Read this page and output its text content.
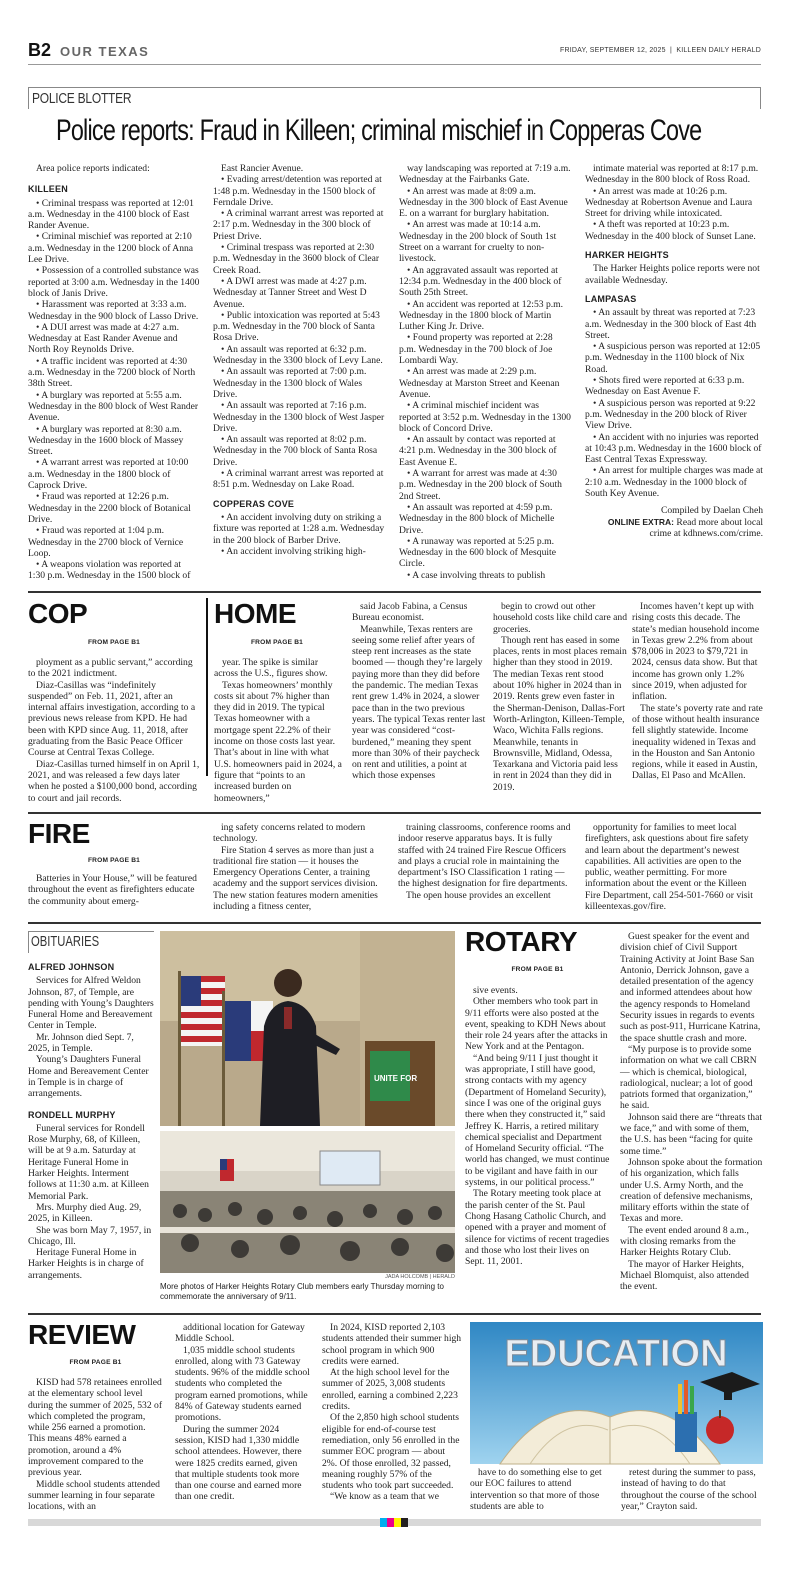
B2 OUR TEXAS	FRIDAY, SEPTEMBER 12, 2025  |  KILLEEN DAILY HERALD
POLICE BLOTTER
Police reports: Fraud in Killeen; criminal mischief in Copperas Cove

Area police reports indicated:

KILLEEN

• Criminal trespass was reported at 12:01 a.m. Wednesday in the 4100 block of East Rander Avenue.

• Criminal mischief was reported at 2:10 a.m. Wednesday in the 1200 block of Anna Lee Drive.

• Possession of a controlled substance was reported at 3:00 a.m. Wednesday in the 1400 block of Janis Drive.

• Harassment was reported at 3:33 a.m. Wednesday in the 900 block of Lasso Drive.

• A DUI arrest was made at 4:27 a.m. Wednesday at East Rander Avenue and North Roy Reynolds Drive.

• A traffic incident was reported at 4:30 a.m. Wednesday in the 7200 block of North 38th Street.

• A burglary was reported at 5:55 a.m. Wednesday in the 800 block of West Rander Avenue.

• A burglary was reported at 8:30 a.m. Wednesday in the 1600 block of Massey Street.

• A warrant arrest was reported at 10:00 a.m. Wednesday in the 1800 block of Caprock Drive.

• Fraud was reported at 12:26 p.m. Wednesday in the 2200 block of Botanical Drive.

• Fraud was reported at 1:04 p.m. Wednesday in the 2700 block of Vernice Loop.

• A weapons violation was reported at 1:30 p.m. Wednesday in the 1500 block of

East Rancier Avenue.

• Evading arrest/detention was reported at 1:48 p.m. Wednesday in the 1500 block of Ferndale Drive.

• A criminal warrant arrest was reported at 2:17 p.m. Wednesday in the 300 block of Priest Drive.

• Criminal trespass was reported at 2:30 p.m. Wednesday in the 3600 block of Clear Creek Road.

• A DWI arrest was made at 4:27 p.m. Wednesday at Tanner Street and West D Avenue.

• Public intoxication was reported at 5:43 p.m. Wednesday in the 700 block of Santa Rosa Drive.

• An assault was reported at 6:32 p.m. Wednesday in the 3300 block of Levy Lane.

• An assault was reported at 7:00 p.m. Wednesday in the 1300 block of Wales Drive.

• An assault was reported at 7:16 p.m. Wednesday in the 1300 block of West Jasper Drive.

• An assault was reported at 8:02 p.m. Wednesday in the 700 block of Santa Rosa Drive.

• A criminal warrant arrest was reported at 8:51 p.m. Wednesday on Lake Road.

COPPERAS COVE

• An accident involving duty on striking a fixture was reported at 1:28 a.m. Wednesday in the 200 block of Barber Drive.

• An accident involving striking high-

way landscaping was reported at 7:19 a.m. Wednesday at the Fairbanks Gate.

• An arrest was made at 8:09 a.m. Wednesday in the 300 block of East Avenue E. on a warrant for burglary habitation.

• An arrest was made at 10:14 a.m. Wednesday in the 200 block of South 1st Street on a warrant for cruelty to non-livestock.

• An aggravated assault was reported at 12:34 p.m. Wednesday in the 400 block of South 25th Street.

• An accident was reported at 12:53 p.m. Wednesday in the 1800 block of Martin Luther King Jr. Drive.

• Found property was reported at 2:28 p.m. Wednesday in the 700 block of Joe Lombardi Way.

• An arrest was made at 2:29 p.m. Wednesday at Marston Street and Keenan Avenue.

• A criminal mischief incident was reported at 3:52 p.m. Wednesday in the 1300 block of Concord Drive.

• An assault by contact was reported at 4:21 p.m. Wednesday in the 300 block of East Avenue E.

• A warrant for arrest was made at 4:30 p.m. Wednesday in the 200 block of South 2nd Street.

• An assault was reported at 4:59 p.m. Wednesday in the 800 block of Michelle Drive.

• A runaway was reported at 5:25 p.m. Wednesday in the 600 block of Mesquite Circle.

• A case involving threats to publish

intimate material was reported at 8:17 p.m. Wednesday in the 800 block of Ross Road.

• An arrest was made at 10:26 p.m. Wednesday at Robertson Avenue and Laura Street for driving while intoxicated.

• A theft was reported at 10:23 p.m. Wednesday in the 400 block of Sunset Lane.

HARKER HEIGHTS

The Harker Heights police reports were not available Wednesday.

LAMPASAS

• An assault by threat was reported at 7:23 a.m. Wednesday in the 300 block of East 4th Street.

• A suspicious person was reported at 12:05 p.m. Wednesday in the 1100 block of Nix Road.

• Shots fired were reported at 6:33 p.m. Wednesday on East Avenue F.

• A suspicious person was reported at 9:22 p.m. Wednesday in the 200 block of River View Drive.

• An accident with no injuries was reported at 10:43 p.m. Wednesday in the 1600 block of East Central Texas Expressway.

• An arrest for multiple charges was made at 2:10 a.m. Wednesday in the 1000 block of South Key Avenue.

Compiled by Daelan Cheh
ONLINE EXTRA: Read more about local crime at kdhnews.com/crime.
COP
FROM PAGE B1

ployment as a public servant,” according to the 2021 indictment.

Diaz-Casillas was “indefinitely suspended” on Feb. 11, 2021, after an internal affairs investigation, according to a previous news release from KPD. He had been with KPD since Aug. 11, 2018, after graduating from the Basic Peace Officer Course at Central Texas College.

Diaz-Casillas turned himself in on April 1, 2021, and was released a few days later when he posted a $100,000 bond, according to court and jail records.

HOME
FROM PAGE B1

year. The spike is similar across the U.S., figures show.

Texas homeowners’ monthly costs sit about 7% higher than they did in 2019. The typical Texas homeowner with a mortgage spent 22.2% of their income on those costs last year. That’s about in line with what U.S. homeowners paid in 2024, a figure that “points to an increased burden on homeowners,”

said Jacob Fabina, a Census Bureau economist.

Meanwhile, Texas renters are seeing some relief after years of steep rent increases as the state boomed — though they’re largely paying more than they did before the pandemic. The median Texas rent grew 1.4% in 2024, a slower pace than in the two previous years. The typical Texas renter last year was considered “cost-burdened,” meaning they spent more than 30% of their paycheck on rent and utilities, a point at which those expenses

begin to crowd out other household costs like child care and groceries.

Though rent has eased in some places, rents in most places remain higher than they stood in 2019. The median Texas rent stood about 10% higher in 2024 than in 2019. Rents grew even faster in the Sherman-Denison, Dallas-Fort Worth-Arlington, Killeen-Temple, Waco, Wichita Falls regions. Meanwhile, tenants in Brownsville, Midland, Odessa, Texarkana and Victoria paid less in rent in 2024 than they did in 2019.

Incomes haven’t kept up with rising costs this decade. The state’s median household income in Texas grew 2.2% from about $78,006 in 2023 to $79,721 in 2024, census data show. But that income has grown only 1.2% since 2019, when adjusted for inflation.

The state’s poverty rate and rate of those without health insurance fell slightly statewide. Income inequality widened in Texas and in the Houston and San Antonio regions, while it eased in Austin, Dallas, El Paso and McAllen.

FIRE
FROM PAGE B1

Batteries in Your House,” will be featured throughout the event as firefighters educate the community about emerg-

ing safety concerns related to modern technology.

Fire Station 4 serves as more than just a traditional fire station — it houses the Emergency Operations Center, a training academy and the support services division. The new station features modern amenities including a fitness center,

training classrooms, conference rooms and indoor reserve apparatus bays. It is fully staffed with 24 trained Fire Rescue Officers and plays a crucial role in maintaining the department’s ISO Classification 1 rating — the highest designation for fire departments.

The open house provides an excellent

opportunity for families to meet local firefighters, ask questions about fire safety and learn about the department’s newest capabilities. All activities are open to the public, weather permitting. For more information about the event or the Killeen Fire Department, call 254-501-7660 or visit killeentexas.gov/fire.

OBITUARIES
ALFRED JOHNSON

Services for Alfred Weldon Johnson, 87, of Temple, are pending with Young’s Daughters Funeral Home and Bereavement Center in Temple.

Mr. Johnson died Sept. 7, 2025, in Temple.

Young’s Daughters Funeral Home and Bereavement Center in Temple is in charge of arrangements.

RONDELL MURPHY

Funeral services for Rondell Rose Murphy, 68, of Killeen, will be at 9 a.m. Saturday at Heritage Funeral Home in Harker Heights. Interment follows at 11:30 a.m. at Killeen Memorial Park.

Mrs. Murphy died Aug. 29, 2025, in Killeen.

She was born May 7, 1957, in Chicago, Ill.

Heritage Funeral Home in Harker Heights is in charge of arrangements.

UNITE FOR
JADA HOLCOMB | HERALD
More photos of Harker Heights Rotary Club members early Thursday morning to commemorate the anniversary of 9/11.
ROTARY
FROM PAGE B1

sive events.

Other members who took part in 9/11 efforts were also posted at the event, speaking to KDH News about their role 24 years after the attacks in New York and at the Pentagon.

“And being 9/11 I just thought it was appropriate, I still have good, strong contacts with my agency (Department of Homeland Security), since I was one of the original guys there when they constructed it,” said Jeffrey K. Harris, a retired military chemical specialist and Department of Homeland Security official. “The world has changed, we must continue to be vigilant and have faith in our systems, in our political process.”

The Rotary meeting took place at the parish center of the St. Paul Chong Hasang Catholic Church, and opened with a prayer and moment of silence for victims of recent tragedies and those who lost their lives on Sept. 11, 2001.

Guest speaker for the event and division chief of Civil Support Training Activity at Joint Base San Antonio, Derrick Johnson, gave a detailed presentation of the agency and informed attendees about how the agency responds to Homeland Security issues in regards to events such as post-911, Hurricane Katrina, the space shuttle crash and more.

“My purpose is to provide some information on what we call CBRN — which is chemical, biological, radiological, nuclear; a lot of good patriots formed that organization,” he said.

Johnson said there are “threats that we face,” and with some of them, the U.S. has been “facing for quite some time.”

Johnson spoke about the formation of his organization, which falls under U.S. Army North, and the creation of defensive mechanisms, military efforts within the state of Texas and more.

The event ended around 8 a.m., with closing remarks from the Harker Heights Rotary Club.

The mayor of Harker Heights, Michael Blomquist, also attended the event.

REVIEW
FROM PAGE B1

KISD had 578 retainees enrolled at the elementary school level during the summer of 2025, 532 of which completed the program, while 256 earned a promotion. This means 48% earned a promotion, around a 4% improvement compared to the previous year.

Middle school students attended summer learning in four separate locations, with an

additional location for Gateway Middle School.

1,035 middle school students enrolled, along with 73 Gateway students. 96% of the middle school students who completed the program earned promotions, while 84% of Gateway students earned promotions.

During the summer 2024 session, KISD had 1,330 middle school attendees. However, there were 1825 credits earned, given that multiple students took more than one course and earned more than one credit.

In 2024, KISD reported 2,103 students attended their summer high school program in which 900 credits were earned.

At the high school level for the summer of 2025, 3,008 students enrolled, earning a combined 2,223 credits.

Of the 2,850 high school students eligible for end-of-course test remediation, only 56 enrolled in the summer EOC program — about 2%. Of those enrolled, 32 passed, meaning roughly 57% of the students who took part succeeded.

“We know as a team that we

EDUCATION

have to do something else to get our EOC failures to attend intervention so that more of those students are able to

retest during the summer to pass, instead of having to do that throughout the course of the school year,” Crayton said.
